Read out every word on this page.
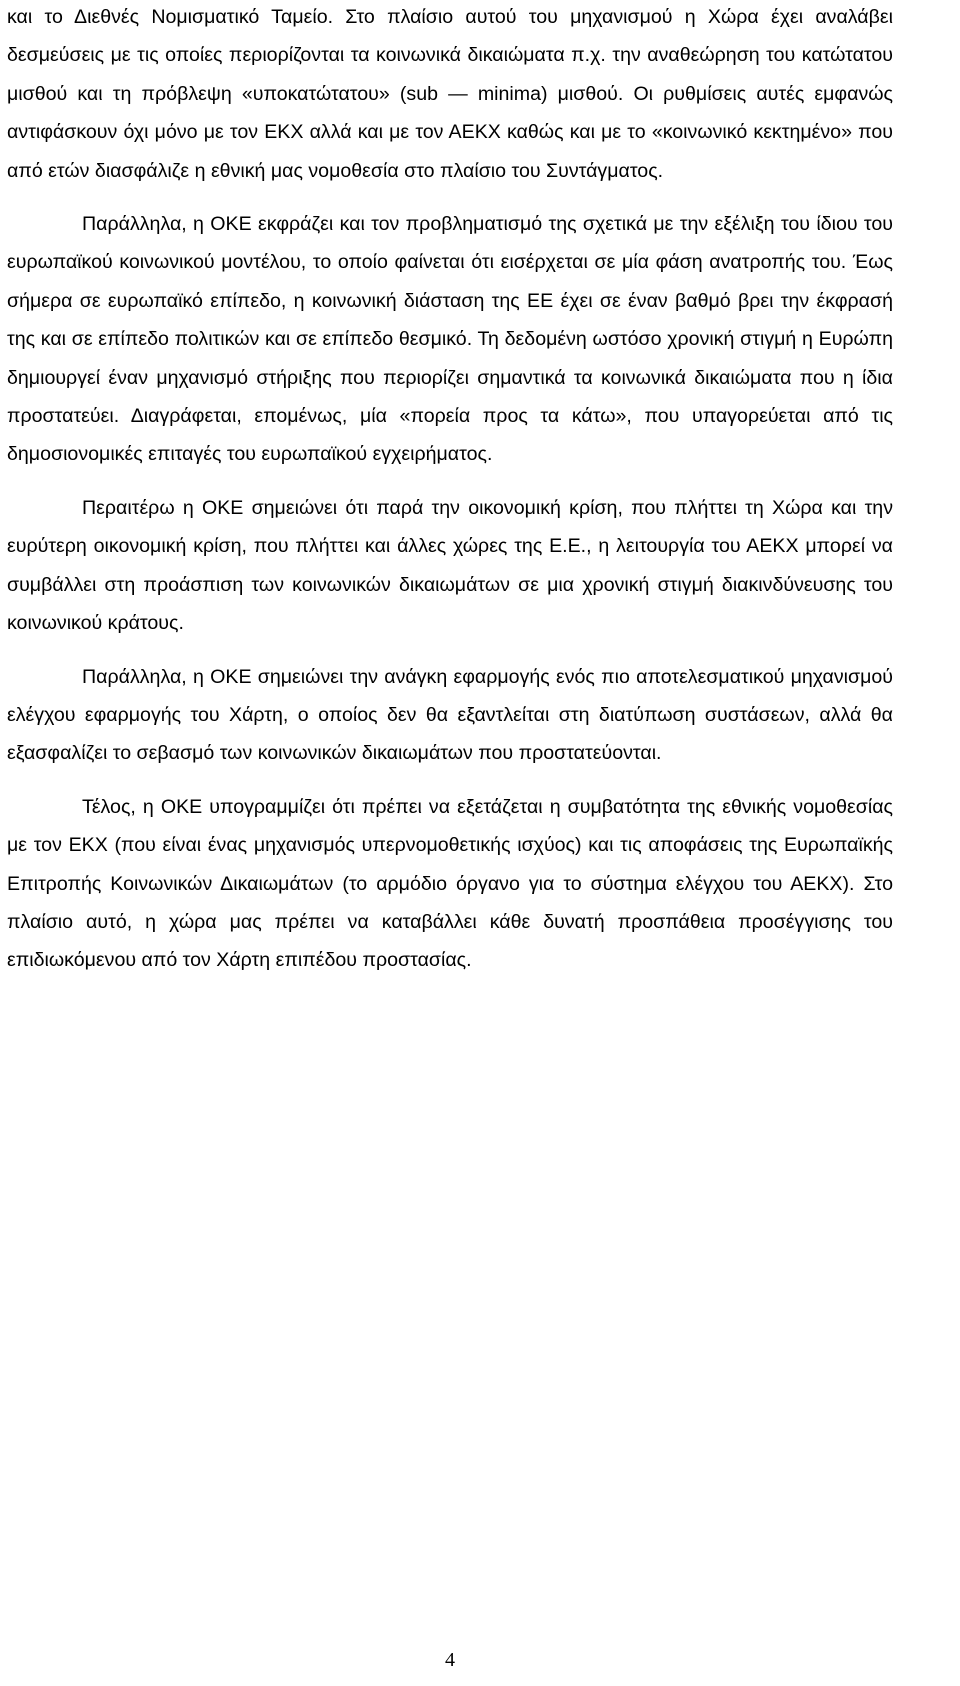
και το Διεθνές Νομισματικό Ταμείο. Στο πλαίσιο αυτού του μηχανισμού η Χώρα έχει αναλάβει δεσμεύσεις με τις οποίες περιορίζονται τα κοινωνικά δικαιώματα π.χ. την αναθεώρηση του κατώτατου μισθού και τη πρόβλεψη «υποκατώτατου» (sub — minima) μισθού. Οι ρυθμίσεις αυτές εμφανώς αντιφάσκουν όχι μόνο με τον ΕΚΧ αλλά και με τον ΑΕΚΧ καθώς και με το «κοινωνικό κεκτημένο» που από ετών διασφάλιζε η εθνική μας νομοθεσία στο πλαίσιο του Συντάγματος.

Παράλληλα, η ΟΚΕ εκφράζει και τον προβληματισμό της σχετικά με την εξέλιξη του ίδιου του ευρωπαϊκού κοινωνικού μοντέλου, το οποίο φαίνεται ότι εισέρχεται σε μία φάση ανατροπής του. Έως σήμερα σε ευρωπαϊκό επίπεδο, η κοινωνική διάσταση της ΕΕ έχει σε έναν βαθμό βρει την έκφρασή της και σε επίπεδο πολιτικών και σε επίπεδο θεσμικό. Τη δεδομένη ωστόσο χρονική στιγμή η Ευρώπη δημιουργεί έναν μηχανισμό στήριξης που περιορίζει σημαντικά τα κοινωνικά δικαιώματα που η ίδια προστατεύει. Διαγράφεται, επομένως, μία «πορεία προς τα κάτω», που υπαγορεύεται από τις δημοσιονομικές επιταγές του ευρωπαϊκού εγχειρήματος.

Περαιτέρω η ΟΚΕ σημειώνει ότι παρά την οικονομική κρίση, που πλήττει τη Χώρα και την ευρύτερη οικονομική κρίση, που πλήττει και άλλες χώρες της Ε.Ε., η λειτουργία του ΑΕΚΧ μπορεί να συμβάλλει στη προάσπιση των κοινωνικών δικαιωμάτων σε μια χρονική στιγμή διακινδύνευσης του κοινωνικού κράτους.

Παράλληλα, η ΟΚΕ σημειώνει την ανάγκη εφαρμογής ενός πιο αποτελεσματικού μηχανισμού ελέγχου εφαρμογής του Χάρτη, ο οποίος δεν θα εξαντλείται στη διατύπωση συστάσεων, αλλά θα εξασφαλίζει το σεβασμό των κοινωνικών δικαιωμάτων που προστατεύονται.

Τέλος, η ΟΚΕ υπογραμμίζει ότι πρέπει να εξετάζεται η συμβατότητα της εθνικής νομοθεσίας με τον ΕΚΧ (που είναι ένας μηχανισμός υπερνομοθετικής ισχύος) και τις αποφάσεις της Ευρωπαϊκής Επιτροπής Κοινωνικών Δικαιωμάτων (το αρμόδιο όργανο για το σύστημα ελέγχου του ΑΕΚΧ). Στο πλαίσιο αυτό, η χώρα μας πρέπει να καταβάλλει κάθε δυνατή προσπάθεια προσέγγισης του επιδιωκόμενου από τον Χάρτη επιπέδου προστασίας.

4
